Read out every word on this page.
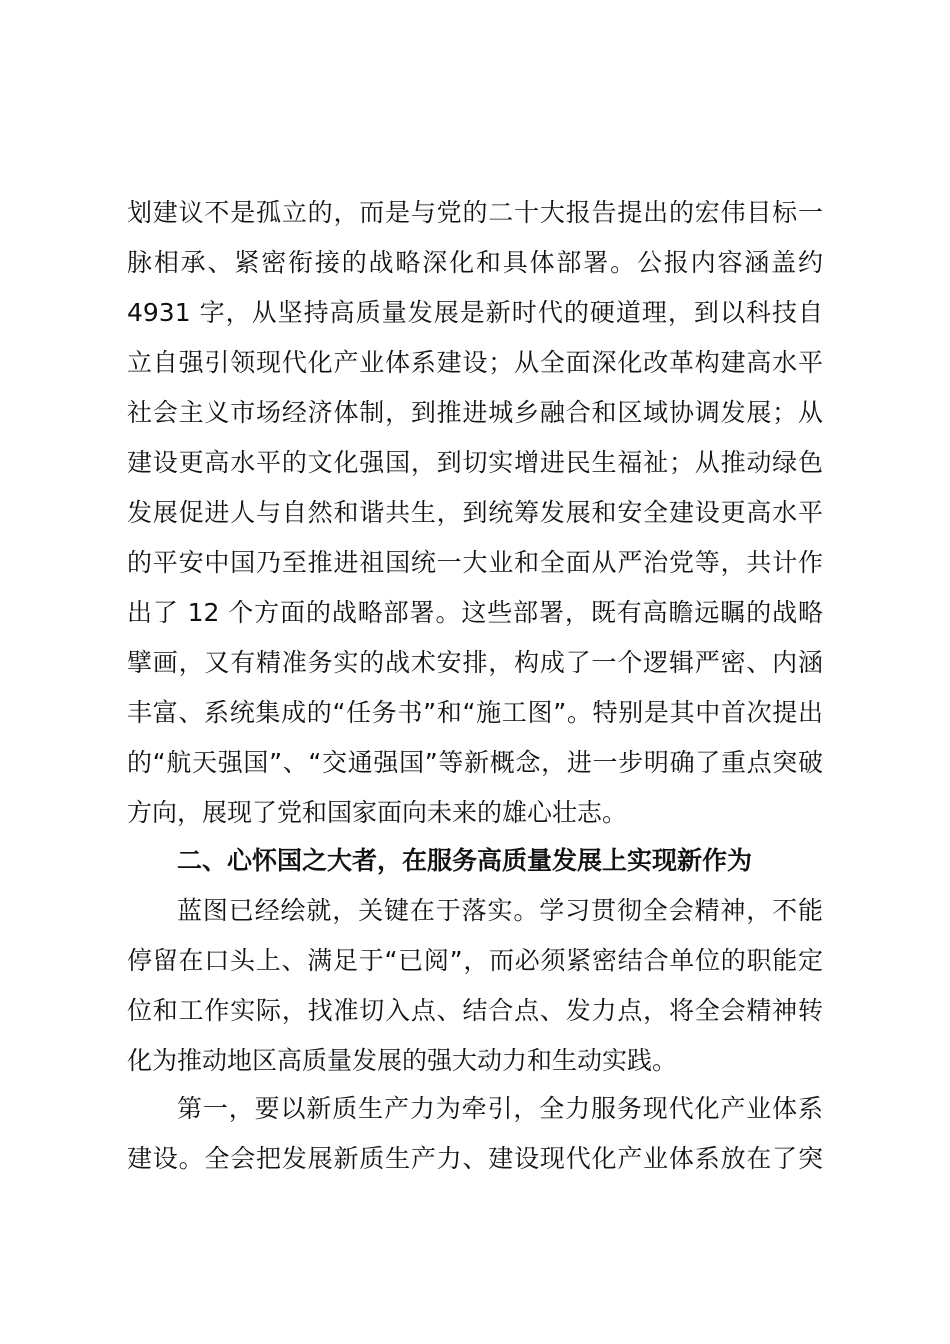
划建议不是孤立的，而是与党的二十大报告提出的宏伟目标一
脉相承、紧密衔接的战略深化和具体部署。公报内容涵盖约
4931 字，从坚持高质量发展是新时代的硬道理，到以科技自
立自强引领现代化产业体系建设；从全面深化改革构建高水平
社会主义市场经济体制，到推进城乡融合和区域协调发展；从
建设更高水平的文化强国，到切实增进民生福祉；从推动绿色
发展促进人与自然和谐共生，到统筹发展和安全建设更高水平
的平安中国乃至推进祖国统一大业和全面从严治党等，共计作
出了 12 个方面的战略部署。这些部署，既有高瞻远瞩的战略
擘画，又有精准务实的战术安排，构成了一个逻辑严密、内涵
丰富、系统集成的“任务书”和“施工图”。特别是其中首次提出
的“航天强国”、“交通强国”等新概念，进一步明确了重点突破
方向，展现了党和国家面向未来的雄心壮志。
二、心怀国之大者，在服务高质量发展上实现新作为
蓝图已经绘就，关键在于落实。学习贯彻全会精神，不能
停留在口头上、满足于“已阅”，而必须紧密结合单位的职能定
位和工作实际，找准切入点、结合点、发力点，将全会精神转
化为推动地区高质量发展的强大动力和生动实践。
第一，要以新质生产力为牵引，全力服务现代化产业体系
建设。全会把发展新质生产力、建设现代化产业体系放在了突
